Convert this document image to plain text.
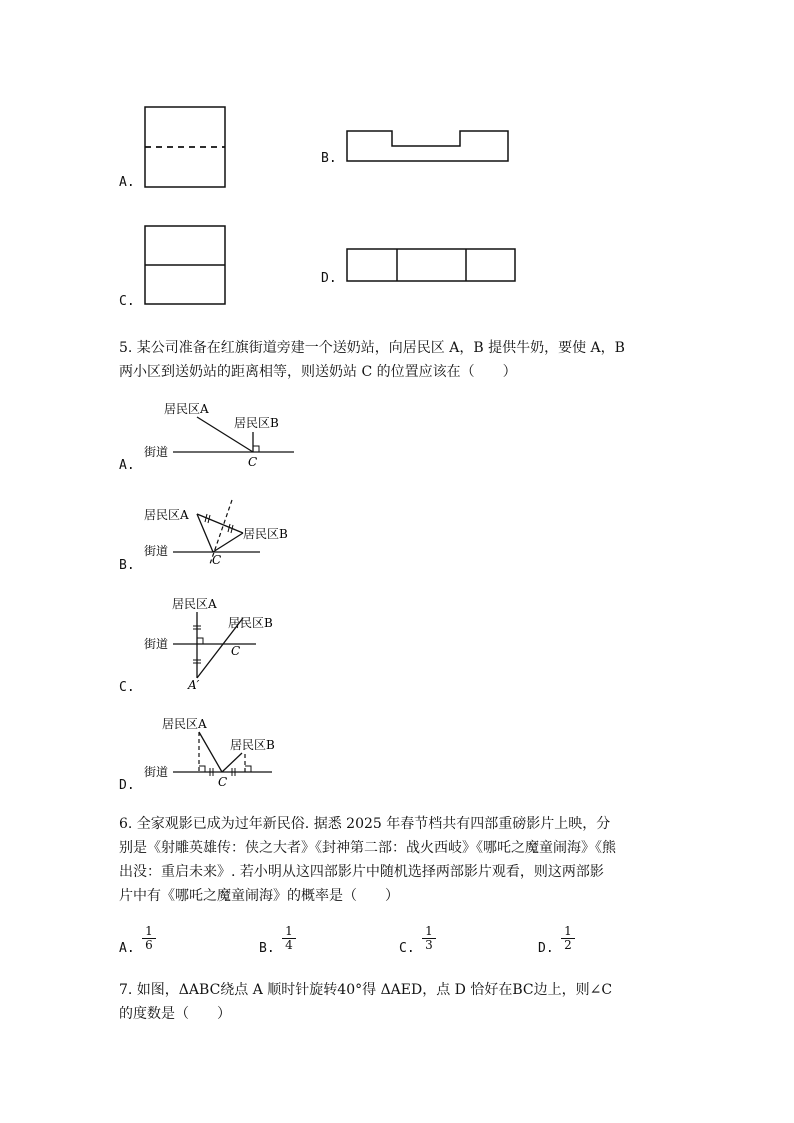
A.
B.
C.
D.
5. 某公司准备在红旗街道旁建一个送奶站，向居民区 A，B 提供牛奶，要使 A，B
两小区到送奶站的距离相等，则送奶站 C 的位置应该在（　　）
A.
居民区A
居民区B
街道
C
B.
居民区A
居民区B
街道
C
C.
居民区A
居民区B
街道	C
A′
D.
居民区A
居民区B
街道
C
6. 全家观影已成为过年新民俗. 据悉 2025 年春节档共有四部重磅影片上映，分
别是《射雕英雄传：侠之大者》《封神第二部：战火西岐》《哪吒之魔童闹海》《熊
出没：重启未来》. 若小明从这四部影片中随机选择两部影片观看，则这两部影
片中有《哪吒之魔童闹海》的概率是（　　）
A. $\frac{1}{6}$	B. $\frac{1}{4}$	C. $\frac{1}{3}$	D. $\frac{1}{2}$
7. 如图，ΔABC绕点 A 顺时针旋转40°得 ΔAED，点 D 恰好在BC边上，则∠C
的度数是（　　）
